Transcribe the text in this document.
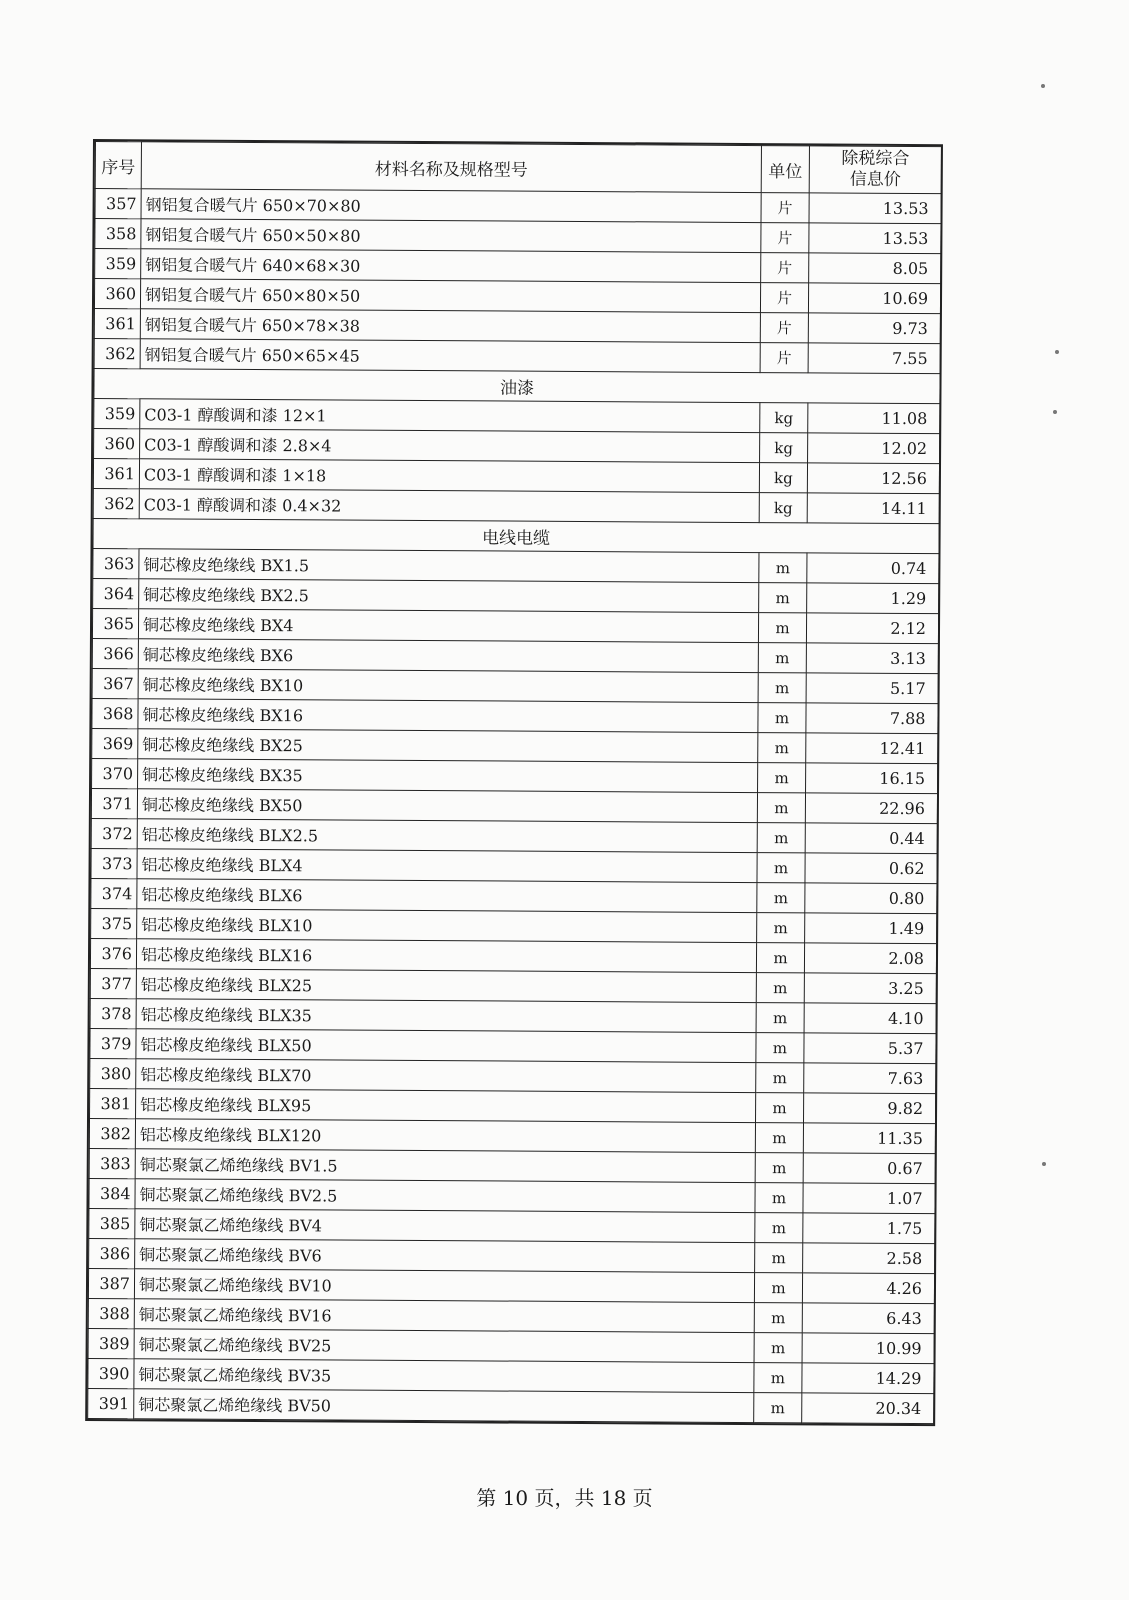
序号	材料名称及规格型号	单位	除税综合
信息价

357	钢铝复合暖气片 650×70×80	片	13.53
358	钢铝复合暖气片 650×50×80	片	13.53
359	钢铝复合暖气片 640×68×30	片	8.05
360	钢铝复合暖气片 650×80×50	片	10.69
361	钢铝复合暖气片 650×78×38	片	9.73
362	钢铝复合暖气片 650×65×45	片	7.55
油漆			
359	C03-1 醇酸调和漆 12×1	kg	11.08
360	C03-1 醇酸调和漆 2.8×4	kg	12.02
361	C03-1 醇酸调和漆 1×18	kg	12.56
362	C03-1 醇酸调和漆 0.4×32	kg	14.11
电线电缆			
363	铜芯橡皮绝缘线 BX1.5	m	0.74
364	铜芯橡皮绝缘线 BX2.5	m	1.29
365	铜芯橡皮绝缘线 BX4	m	2.12
366	铜芯橡皮绝缘线 BX6	m	3.13
367	铜芯橡皮绝缘线 BX10	m	5.17
368	铜芯橡皮绝缘线 BX16	m	7.88
369	铜芯橡皮绝缘线 BX25	m	12.41
370	铜芯橡皮绝缘线 BX35	m	16.15
371	铜芯橡皮绝缘线 BX50	m	22.96
372	铝芯橡皮绝缘线 BLX2.5	m	0.44
373	铝芯橡皮绝缘线 BLX4	m	0.62
374	铝芯橡皮绝缘线 BLX6	m	0.80
375	铝芯橡皮绝缘线 BLX10	m	1.49
376	铝芯橡皮绝缘线 BLX16	m	2.08
377	铝芯橡皮绝缘线 BLX25	m	3.25
378	铝芯橡皮绝缘线 BLX35	m	4.10
379	铝芯橡皮绝缘线 BLX50	m	5.37
380	铝芯橡皮绝缘线 BLX70	m	7.63
381	铝芯橡皮绝缘线 BLX95	m	9.82
382	铝芯橡皮绝缘线 BLX120	m	11.35
383	铜芯聚氯乙烯绝缘线 BV1.5	m	0.67
384	铜芯聚氯乙烯绝缘线 BV2.5	m	1.07
385	铜芯聚氯乙烯绝缘线 BV4	m	1.75
386	铜芯聚氯乙烯绝缘线 BV6	m	2.58
387	铜芯聚氯乙烯绝缘线 BV10	m	4.26
388	铜芯聚氯乙烯绝缘线 BV16	m	6.43
389	铜芯聚氯乙烯绝缘线 BV25	m	10.99
390	铜芯聚氯乙烯绝缘线 BV35	m	14.29
391	铜芯聚氯乙烯绝缘线 BV50	m	20.34
第 10 页，共 18 页
